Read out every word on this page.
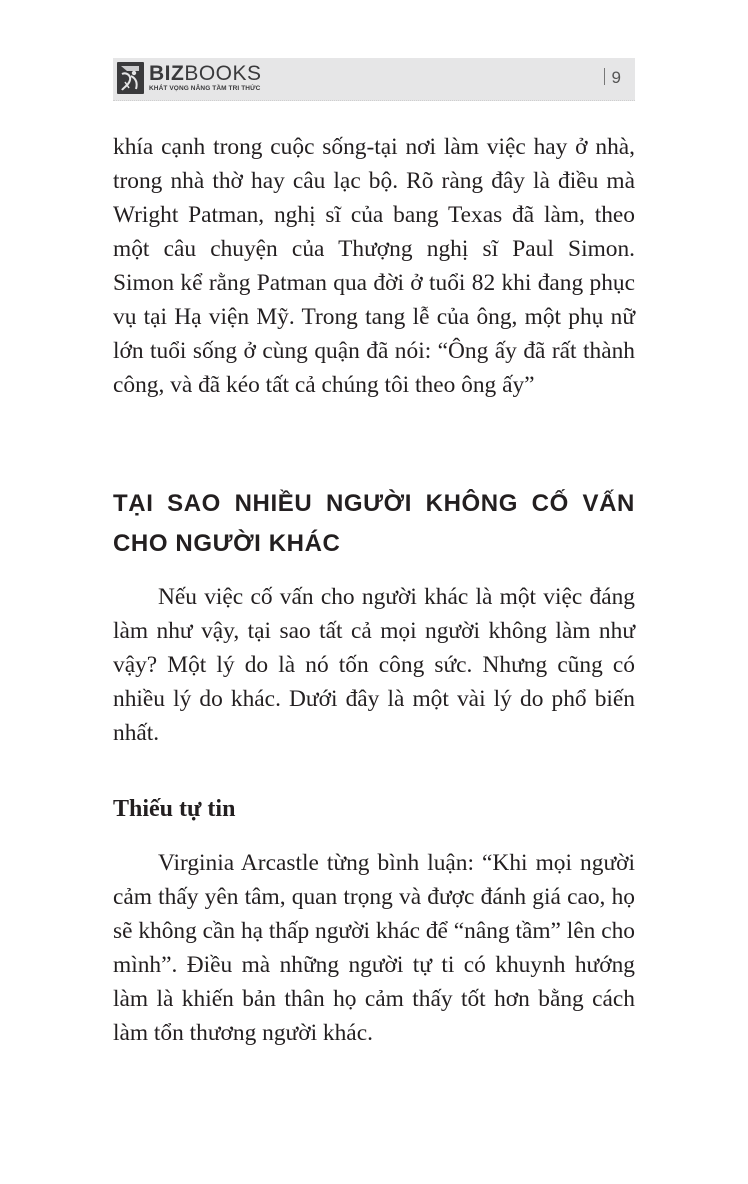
BIZBOOKS
KHÁT VỌNG NÂNG TẦM TRI THỨC
9

khía cạnh trong cuộc sống-tại nơi làm việc hay ở nhà, trong nhà thờ hay câu lạc bộ. Rõ ràng đây là điều mà Wright Patman, nghị sĩ của bang Texas đã làm, theo một câu chuyện của Thượng nghị sĩ Paul Simon. Simon kể rằng Patman qua đời ở tuổi 82 khi đang phục vụ tại Hạ viện Mỹ. Trong tang lễ của ông, một phụ nữ lớn tuổi sống ở cùng quận đã nói: “Ông ấy đã rất thành công, và đã kéo tất cả chúng tôi theo ông ấy”

TẠI SAO NHIỀU NGƯỜI KHÔNG CỐ VẤN CHO NGƯỜI KHÁC

Nếu việc cố vấn cho người khác là một việc đáng làm như vậy, tại sao tất cả mọi người không làm như vậy? Một lý do là nó tốn công sức. Nhưng cũng có nhiều lý do khác. Dưới đây là một vài lý do phổ biến nhất.

Thiếu tự tin

Virginia Arcastle từng bình luận: “Khi mọi người cảm thấy yên tâm, quan trọng và được đánh giá cao, họ sẽ không cần hạ thấp người khác để “nâng tầm” lên cho mình”. Điều mà những người tự ti có khuynh hướng làm là khiến bản thân họ cảm thấy tốt hơn bằng cách làm tổn thương người khác.
